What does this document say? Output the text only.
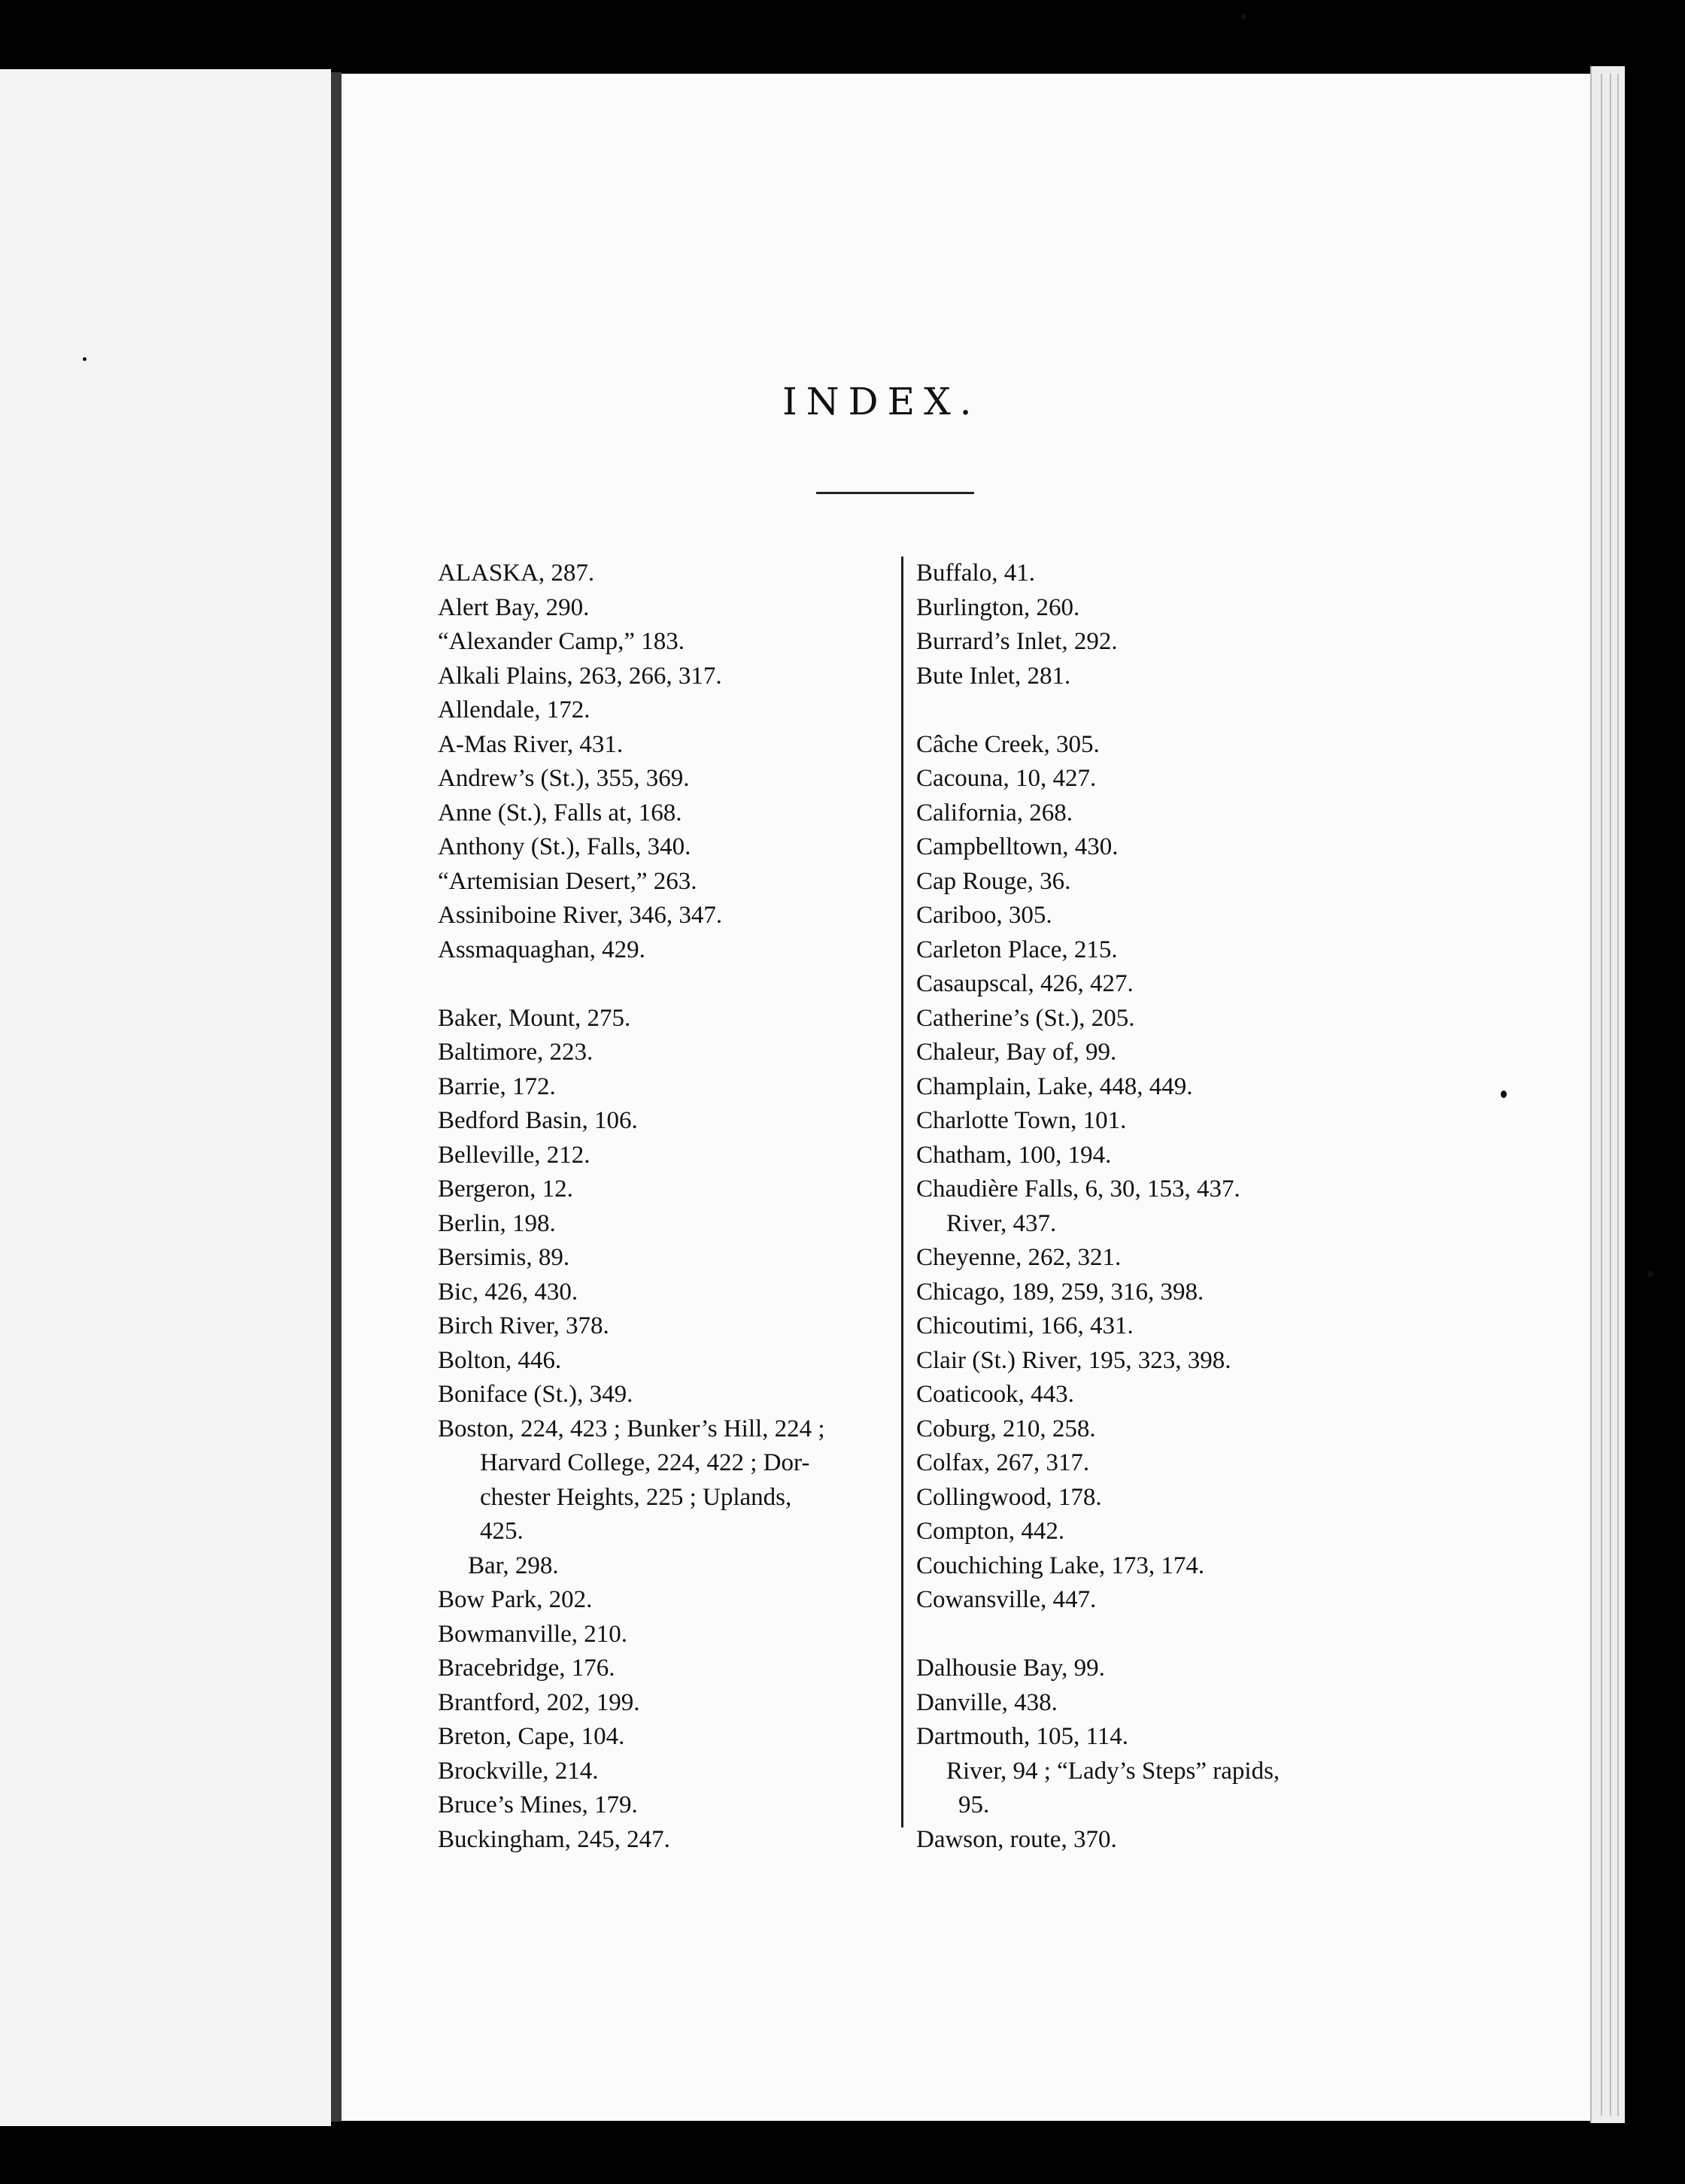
INDEX.
ALASKA, 287.
Alert Bay, 290.
“Alexander Camp,” 183.
Alkali Plains, 263, 266, 317.
Allendale, 172.
A-Mas River, 431.
Andrew’s (St.), 355, 369.
Anne (St.), Falls at, 168.
Anthony (St.), Falls, 340.
“Artemisian Desert,” 263.
Assiniboine River, 346, 347.
Assmaquaghan, 429.
Baker, Mount, 275.
Baltimore, 223.
Barrie, 172.
Bedford Basin, 106.
Belleville, 212.
Bergeron, 12.
Berlin, 198.
Bersimis, 89.
Bic, 426, 430.
Birch River, 378.
Bolton, 446.
Boniface (St.), 349.
Boston, 224, 423 ; Bunker’s Hill, 224 ;
Harvard College, 224, 422 ; Dor-
chester Heights, 225 ; Uplands,
425.
Bar, 298.
Bow Park, 202.
Bowmanville, 210.
Bracebridge, 176.
Brantford, 202, 199.
Breton, Cape, 104.
Brockville, 214.
Bruce’s Mines, 179.
Buckingham, 245, 247.
Buffalo, 41.
Burlington, 260.
Burrard’s Inlet, 292.
Bute Inlet, 281.
Câche Creek, 305.
Cacouna, 10, 427.
California, 268.
Campbelltown, 430.
Cap Rouge, 36.
Cariboo, 305.
Carleton Place, 215.
Casaupscal, 426, 427.
Catherine’s (St.), 205.
Chaleur, Bay of, 99.
Champlain, Lake, 448, 449.
Charlotte Town, 101.
Chatham, 100, 194.
Chaudière Falls, 6, 30, 153, 437.
River, 437.
Cheyenne, 262, 321.
Chicago, 189, 259, 316, 398.
Chicoutimi, 166, 431.
Clair (St.) River, 195, 323, 398.
Coaticook, 443.
Coburg, 210, 258.
Colfax, 267, 317.
Collingwood, 178.
Compton, 442.
Couchiching Lake, 173, 174.
Cowansville, 447.
Dalhousie Bay, 99.
Danville, 438.
Dartmouth, 105, 114.
River, 94 ; “Lady’s Steps” rapids,
95.
Dawson, route, 370.
